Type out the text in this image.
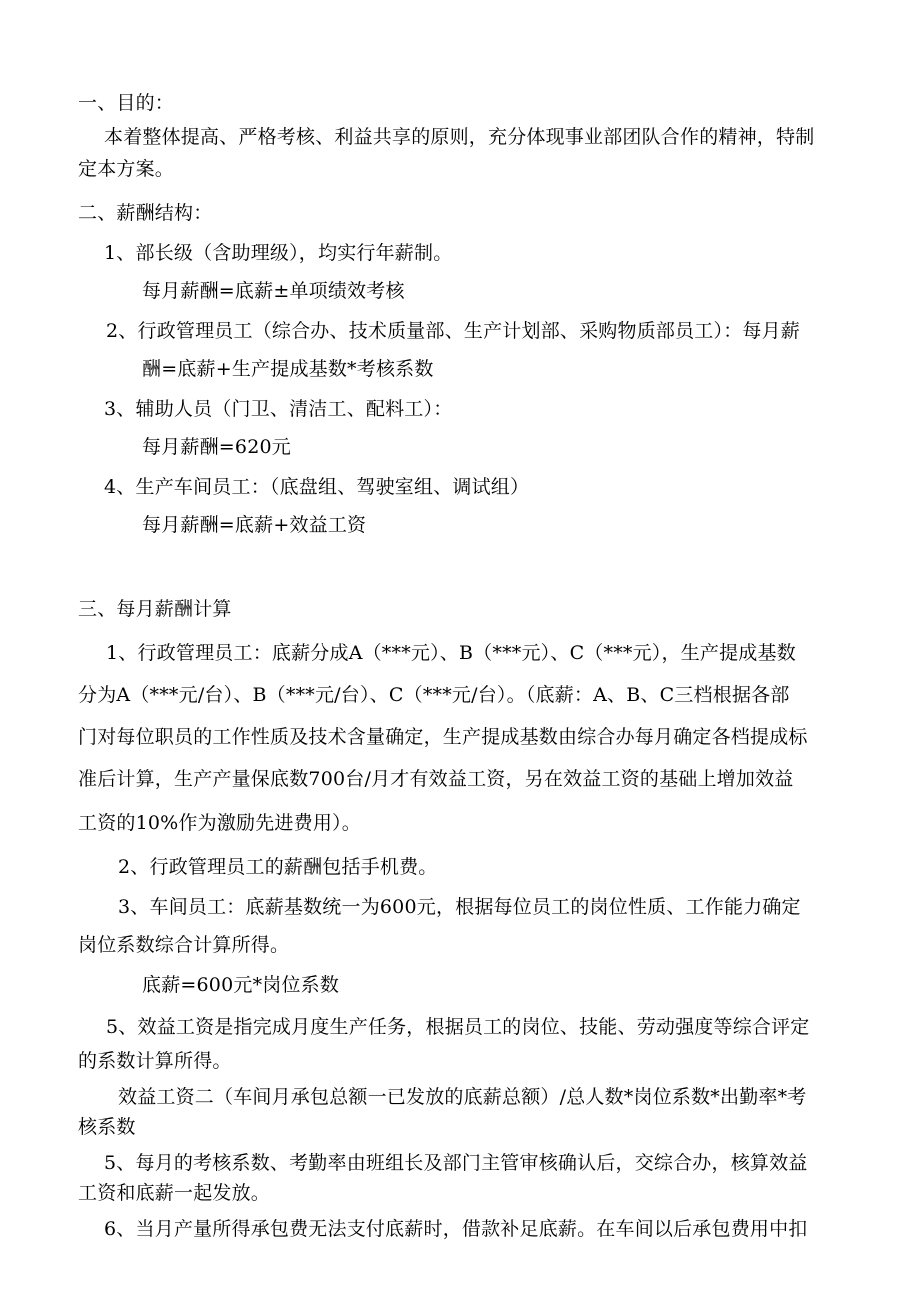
一、目的：
本着整体提高、严格考核、利益共享的原则，充分体现事业部团队合作的精神，特制
定本方案。
二、薪酬结构：
1、部长级（含助理级），均实行年薪制。
每月薪酬=底薪±单项绩效考核
2、行政管理员工（综合办、技术质量部、生产计划部、采购物质部员工）：每月薪
酬=底薪+生产提成基数*考核系数
3、辅助人员（门卫、清洁工、配料工）：
每月薪酬=620元
4、生产车间员工：（底盘组、驾驶室组、调试组）
每月薪酬=底薪+效益工资
三、每月薪酬计算
1、行政管理员工：底薪分成A（***元）、B（***元）、C（***元），生产提成基数
分为A（***元/台）、B（***元/台）、C（***元/台）。（底薪：A、B、C三档根据各部
门对每位职员的工作性质及技术含量确定，生产提成基数由综合办每月确定各档提成标
准后计算，生产产量保底数700台/月才有效益工资，另在效益工资的基础上增加效益
工资的10%作为激励先进费用）。
2、行政管理员工的薪酬包括手机费。
3、车间员工：底薪基数统一为600元，根据每位员工的岗位性质、工作能力确定
岗位系数综合计算所得。
底薪=600元*岗位系数
5、效益工资是指完成月度生产任务，根据员工的岗位、技能、劳动强度等综合评定
的系数计算所得。
效益工资二（车间月承包总额一已发放的底薪总额）/总人数*岗位系数*出勤率*考
核系数
5、每月的考核系数、考勤率由班组长及部门主管审核确认后，交综合办，核算效益
工资和底薪一起发放。
6、当月产量所得承包费无法支付底薪时，借款补足底薪。在车间以后承包费用中扣
